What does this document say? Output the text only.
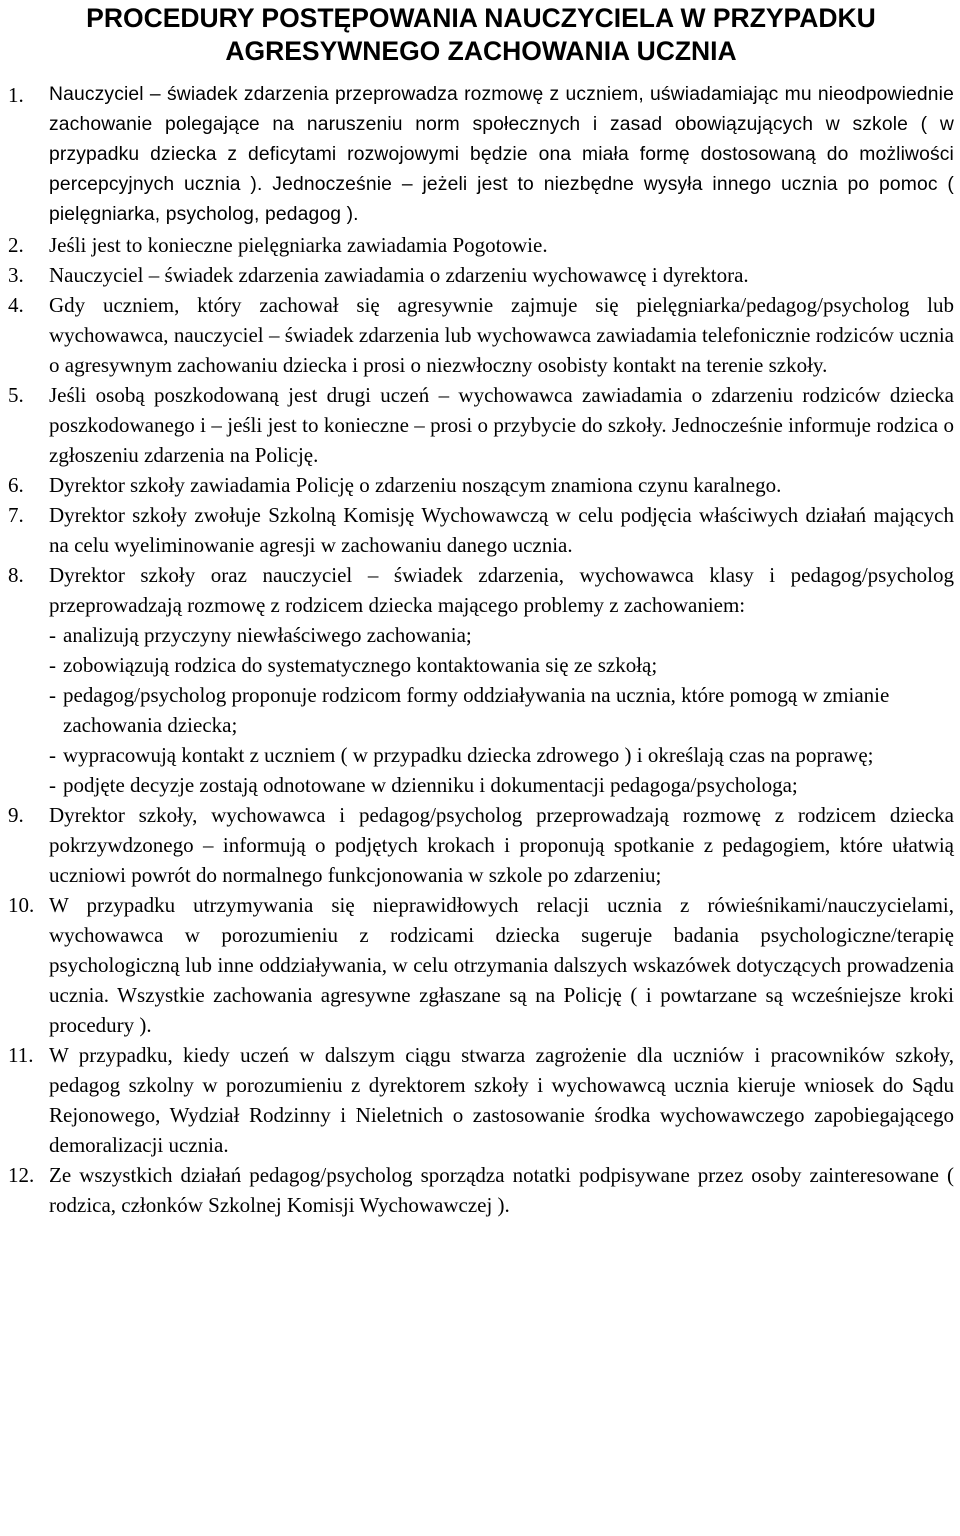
PROCEDURY POSTĘPOWANIA NAUCZYCIELA W PRZYPADKU AGRESYWNEGO ZACHOWANIA UCZNIA
1.	Nauczyciel – świadek zdarzenia przeprowadza rozmowę z uczniem, uświadamiając mu nieodpowiednie zachowanie polegające na naruszeniu norm społecznych i zasad obowiązujących w szkole ( w przypadku dziecka z deficytami rozwojowymi będzie ona miała formę dostosowaną do możliwości percepcyjnych ucznia ). Jednocześnie – jeżeli jest to niezbędne wysyła innego ucznia po pomoc ( pielęgniarka, psycholog, pedagog ).
2.	Jeśli jest to konieczne pielęgniarka zawiadamia Pogotowie.
3.	Nauczyciel – świadek zdarzenia zawiadamia o zdarzeniu wychowawcę i dyrektora.
4.	Gdy uczniem, który zachował się agresywnie zajmuje się pielęgniarka/pedagog/psycholog lub wychowawca, nauczyciel – świadek zdarzenia lub wychowawca zawiadamia telefonicznie rodziców ucznia o agresywnym zachowaniu dziecka i prosi o niezwłoczny osobisty kontakt na terenie szkoły.
5.	Jeśli osobą poszkodowaną jest drugi uczeń – wychowawca zawiadamia o zdarzeniu rodziców dziecka poszkodowanego i – jeśli jest to konieczne – prosi o przybycie do szkoły. Jednocześnie informuje rodzica o zgłoszeniu zdarzenia na Policję.
6.	Dyrektor szkoły zawiadamia Policję o zdarzeniu noszącym znamiona czynu karalnego.
7.	Dyrektor szkoły zwołuje Szkolną Komisję Wychowawczą w celu podjęcia właściwych działań mających na celu wyeliminowanie agresji w zachowaniu danego ucznia.
8.	Dyrektor szkoły oraz nauczyciel – świadek zdarzenia, wychowawca klasy i pedagog/psycholog przeprowadzają rozmowę z rodzicem dziecka mającego problemy z zachowaniem:
- analizują przyczyny niewłaściwego zachowania;
- zobowiązują rodzica do systematycznego kontaktowania się ze szkołą;
- pedagog/psycholog proponuje rodzicom formy oddziaływania na ucznia, które pomogą w zmianie zachowania dziecka;
- wypracowują kontakt z uczniem ( w przypadku dziecka zdrowego ) i określają czas na poprawę;
- podjęte decyzje zostają odnotowane w dzienniku i dokumentacji pedagoga/psychologa;
9.	Dyrektor szkoły, wychowawca i pedagog/psycholog przeprowadzają rozmowę z rodzicem dziecka pokrzywdzonego – informują o podjętych krokach i proponują spotkanie z pedagogiem, które ułatwią uczniowi powrót do normalnego funkcjonowania w szkole po zdarzeniu;
10. W przypadku utrzymywania się nieprawidłowych relacji ucznia z rówieśnikami/nauczycielami, wychowawca w porozumieniu z rodzicami dziecka sugeruje badania psychologiczne/terapię psychologiczną lub inne oddziaływania, w celu otrzymania dalszych wskazówek dotyczących prowadzenia ucznia. Wszystkie zachowania agresywne zgłaszane są na Policję ( i powtarzane są wcześniejsze kroki procedury ).
11. W przypadku, kiedy uczeń w dalszym ciągu stwarza zagrożenie dla uczniów i pracowników szkoły, pedagog szkolny w porozumieniu z dyrektorem szkoły i wychowawcą ucznia kieruje wniosek do Sądu Rejonowego, Wydział Rodzinny i Nieletnich o zastosowanie środka wychowawczego zapobiegającego demoralizacji ucznia.
12. Ze wszystkich działań pedagog/psycholog sporządza notatki podpisywane przez osoby zainteresowane ( rodzica, członków Szkolnej Komisji Wychowawczej ).
